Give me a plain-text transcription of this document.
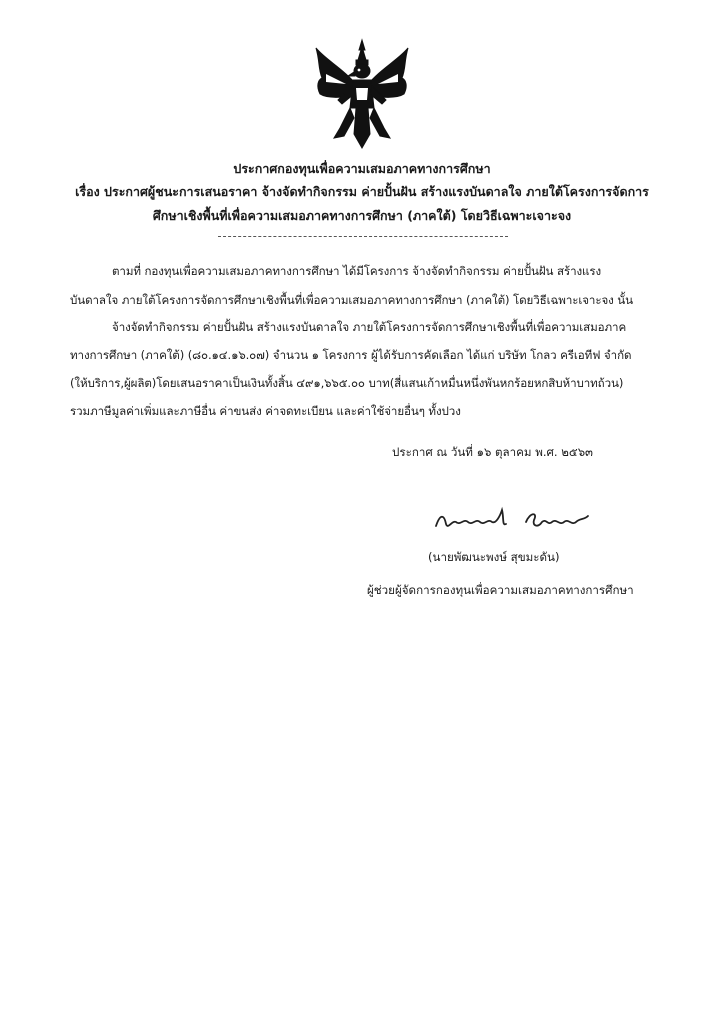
ประกาศกองทุนเพื่อความเสมอภาคทางการศึกษา
เรื่อง ประกาศผู้ชนะการเสนอราคา จ้างจัดทำกิจกรรม ค่ายปั้นฝัน สร้างแรงบันดาลใจ ภายใต้โครงการจัดการ
ศึกษาเชิงพื้นที่เพื่อความเสมอภาคทางการศึกษา (ภาคใต้) โดยวิธีเฉพาะเจาะจง
ตามที่ กองทุนเพื่อความเสมอภาคทางการศึกษา ได้มีโครงการ จ้างจัดทำกิจกรรม ค่ายปั้นฝัน สร้างแรง
บันดาลใจ ภายใต้โครงการจัดการศึกษาเชิงพื้นที่เพื่อความเสมอภาคทางการศึกษา (ภาคใต้) โดยวิธีเฉพาะเจาะจง นั้น
จ้างจัดทำกิจกรรม ค่ายปั้นฝัน สร้างแรงบันดาลใจ ภายใต้โครงการจัดการศึกษาเชิงพื้นที่เพื่อความเสมอภาค
ทางการศึกษา (ภาคใต้) (๘๐.๑๔.๑๖.๐๗) จำนวน ๑ โครงการ ผู้ได้รับการคัดเลือก ได้แก่ บริษัท โกลว ครีเอทีฟ จำกัด
(ให้บริการ,ผู้ผลิต)โดยเสนอราคาเป็นเงินทั้งสิ้น ๔๙๑,๖๖๕.๐๐ บาท(สี่แสนเก้าหมื่นหนึ่งพันหกร้อยหกสิบห้าบาทถ้วน)
รวมภาษีมูลค่าเพิ่มและภาษีอื่น ค่าขนส่ง ค่าจดทะเบียน และค่าใช้จ่ายอื่นๆ ทั้งปวง
ประกาศ ณ วันที่ ๑๖ ตุลาคม พ.ศ. ๒๕๖๓
(นายพัฒนะพงษ์ สุขมะดัน)
ผู้ช่วยผู้จัดการกองทุนเพื่อความเสมอภาคทางการศึกษา
